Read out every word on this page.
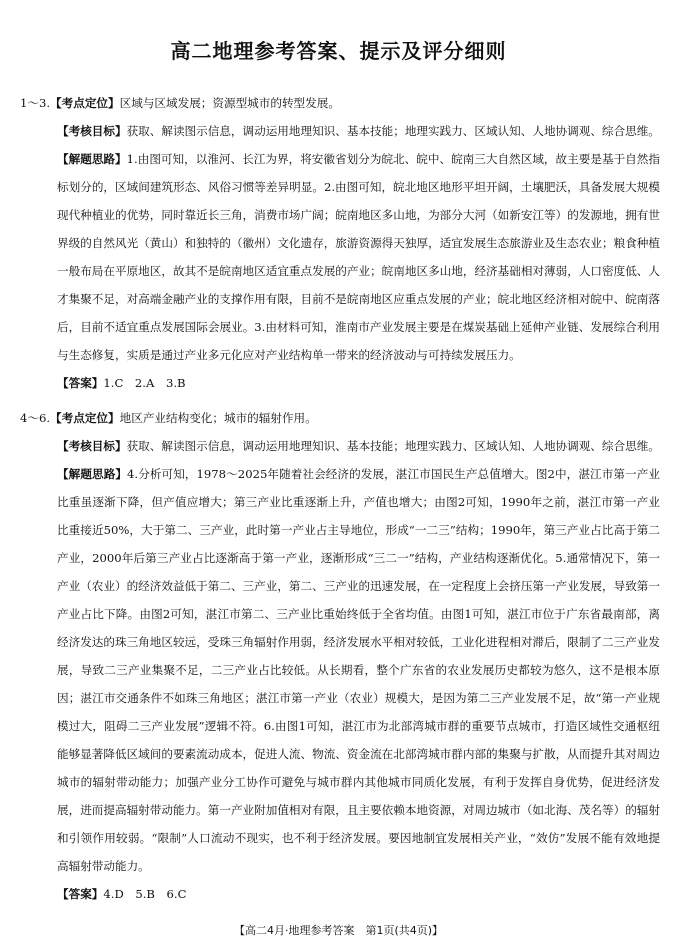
高二地理参考答案、提示及评分细则
1～3.【考点定位】区域与区域发展；资源型城市的转型发展。
【考核目标】获取、解读图示信息，调动运用地理知识、基本技能；地理实践力、区域认知、人地协调观、综合思维。
【解题思路】1.由图可知，以淮河、长江为界，将安徽省划分为皖北、皖中、皖南三大自然区域，故主要是基于自然指标划分的，区域间建筑形态、风俗习惯等差异明显。2.由图可知，皖北地区地形平坦开阔，土壤肥沃，具备发展大规模现代种植业的优势，同时靠近长三角，消费市场广阔；皖南地区多山地，为部分大河（如新安江等）的发源地，拥有世界级的自然风光（黄山）和独特的（徽州）文化遗存，旅游资源得天独厚，适宜发展生态旅游业及生态农业；粮食种植一般布局在平原地区，故其不是皖南地区适宜重点发展的产业；皖南地区多山地，经济基础相对薄弱，人口密度低、人才集聚不足，对高端金融产业的支撑作用有限，目前不是皖南地区应重点发展的产业；皖北地区经济相对皖中、皖南落后，目前不适宜重点发展国际会展业。3.由材料可知，淮南市产业发展主要是在煤炭基础上延伸产业链、发展综合利用与生态修复，实质是通过产业多元化应对产业结构单一带来的经济波动与可持续发展压力。
【答案】1.C　2.A　3.B
4～6.【考点定位】地区产业结构变化；城市的辐射作用。
【考核目标】获取、解读图示信息，调动运用地理知识、基本技能；地理实践力、区域认知、人地协调观、综合思维。
【解题思路】4.分析可知，1978～2025年随着社会经济的发展，湛江市国民生产总值增大。图2中，湛江市第一产业比重虽逐渐下降，但产值应增大；第三产业比重逐渐上升，产值也增大；由图2可知，1990年之前，湛江市第一产业比重接近50%，大于第二、三产业，此时第一产业占主导地位，形成“一二三”结构；1990年，第三产业占比高于第二产业，2000年后第三产业占比逐渐高于第一产业，逐渐形成“三二一”结构，产业结构逐渐优化。5.通常情况下，第一产业（农业）的经济效益低于第二、三产业，第二、三产业的迅速发展，在一定程度上会挤压第一产业发展，导致第一产业占比下降。由图2可知，湛江市第二、三产业比重始终低于全省均值。由图1可知，湛江市位于广东省最南部，离经济发达的珠三角地区较远，受珠三角辐射作用弱，经济发展水平相对较低，工业化进程相对滞后，限制了二三产业发展，导致二三产业集聚不足，二三产业占比较低。从长期看，整个广东省的农业发展历史都较为悠久，这不是根本原因；湛江市交通条件不如珠三角地区；湛江市第一产业（农业）规模大，是因为第二三产业发展不足，故“第一产业规模过大，阻碍二三产业发展”逻辑不符。6.由图1可知，湛江市为北部湾城市群的重要节点城市，打造区域性交通枢纽能够显著降低区域间的要素流动成本，促进人流、物流、资金流在北部湾城市群内部的集聚与扩散，从而提升其对周边城市的辐射带动能力；加强产业分工协作可避免与城市群内其他城市同质化发展，有利于发挥自身优势，促进经济发展，进而提高辐射带动能力。第一产业附加值相对有限，且主要依赖本地资源，对周边城市（如北海、茂名等）的辐射和引领作用较弱。“限制”人口流动不现实，也不利于经济发展。要因地制宜发展相关产业，“效仿”发展不能有效地提高辐射带动能力。
【答案】4.D　5.B　6.C
【高二4月·地理参考答案　第1页(共4页)】
